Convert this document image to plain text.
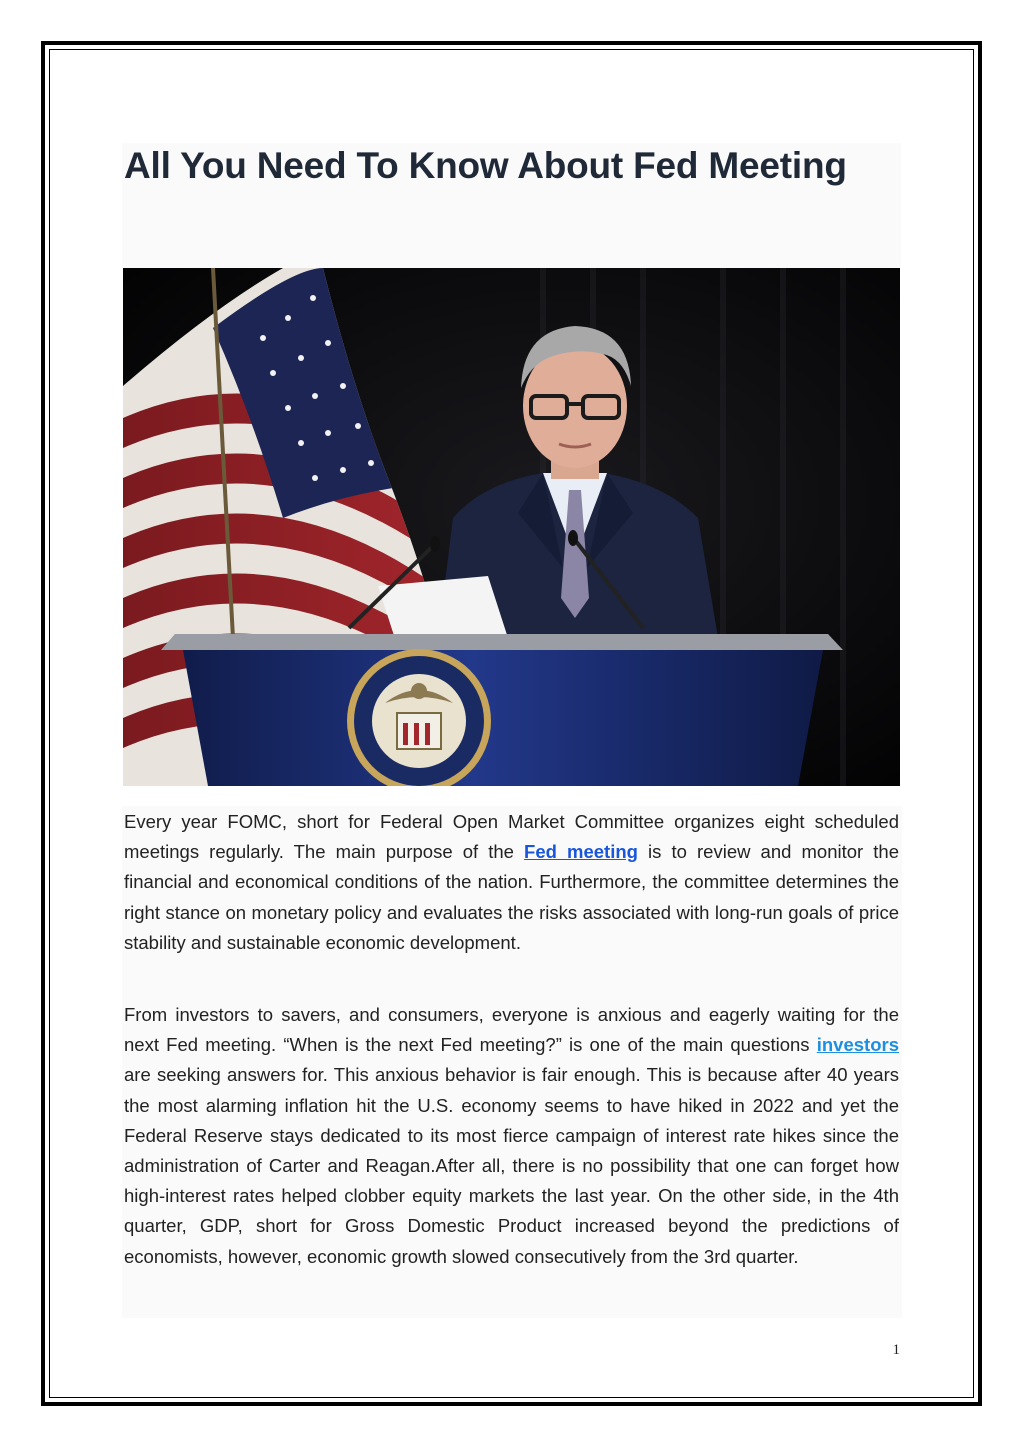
All You Need To Know About Fed Meeting

Every year FOMC, short for Federal Open Market Committee organizes eight scheduled meetings regularly. The main purpose of the Fed meeting is to review and monitor the financial and economical conditions of the nation. Furthermore, the committee determines the right stance on monetary policy and evaluates the risks associated with long-run goals of price stability and sustainable economic development.

From investors to savers, and consumers, everyone is anxious and eagerly waiting for the next Fed meeting. “When is the next Fed meeting?” is one of the main questions investors are seeking answers for. This anxious behavior is fair enough. This is because after 40 years the most alarming inflation hit the U.S. economy seems to have hiked in 2022 and yet the Federal Reserve stays dedicated to its most fierce campaign of interest rate hikes since the administration of Carter and Reagan.After all, there is no possibility that one can forget how high-interest rates helped clobber equity markets the last year. On the other side, in the 4th quarter, GDP, short for Gross Domestic Product increased beyond the predictions of economists, however, economic growth slowed consecutively from the 3rd quarter.

1
